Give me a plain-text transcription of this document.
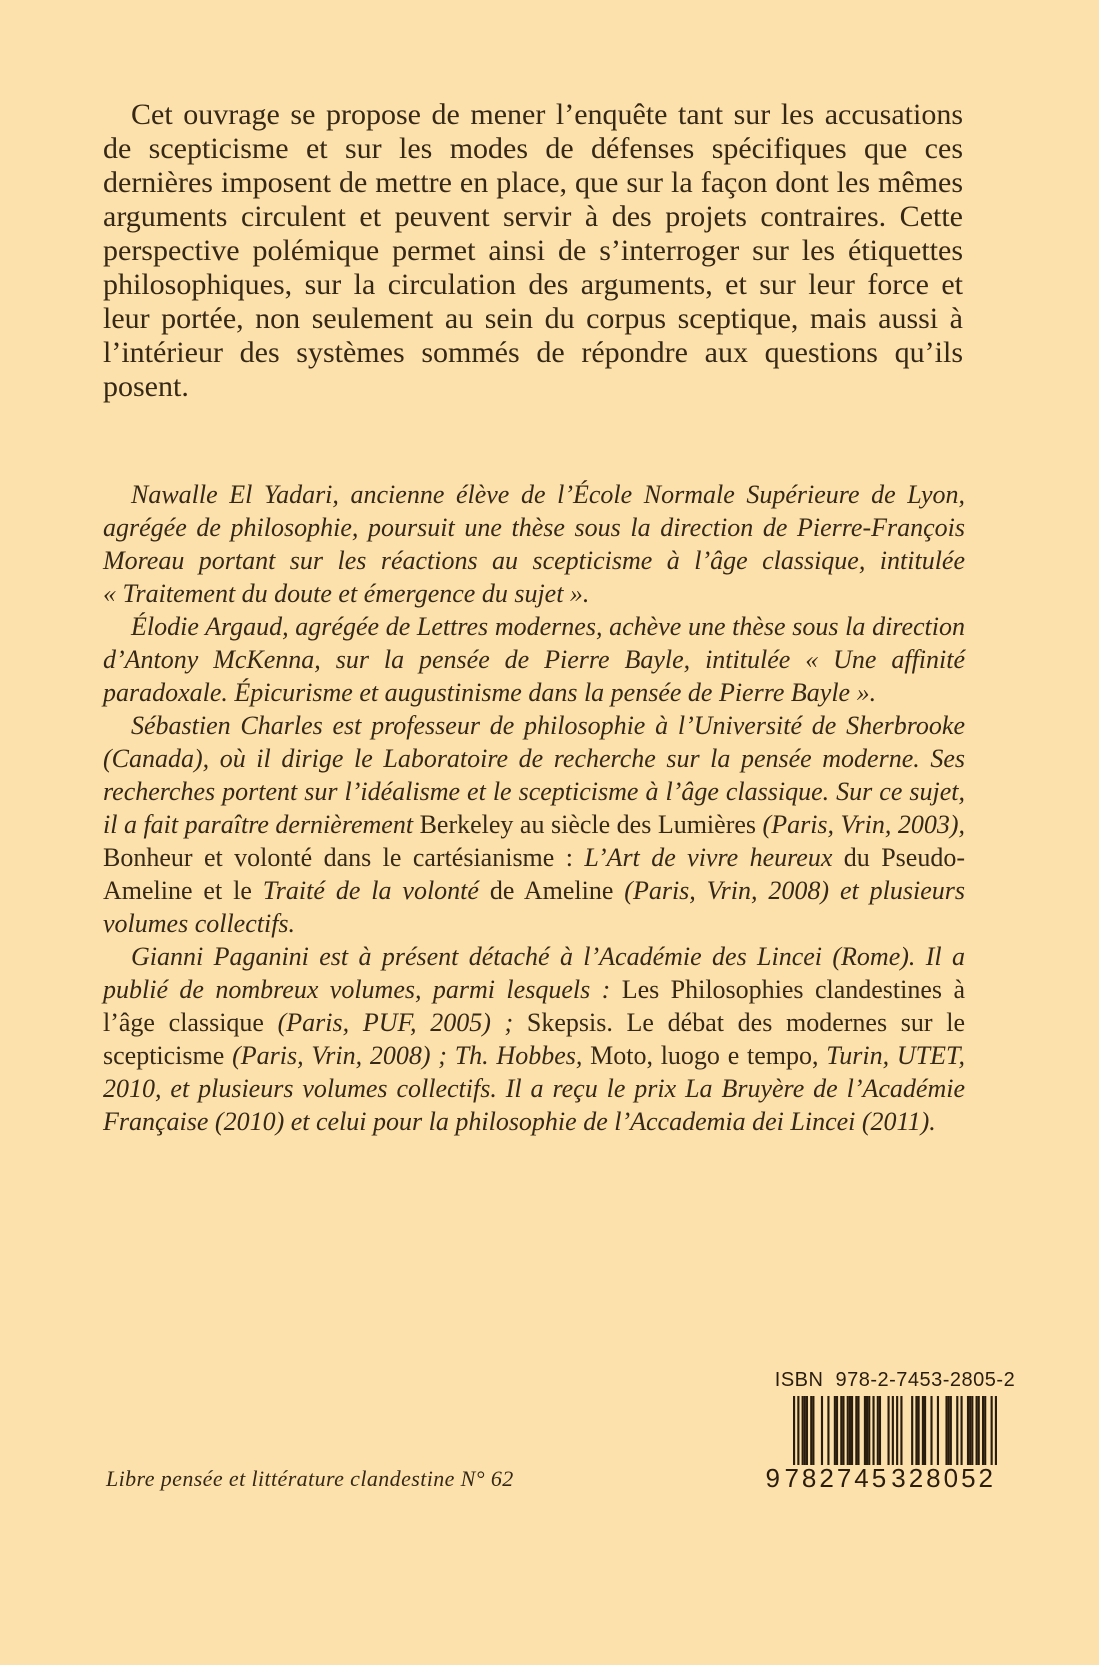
Cet ouvrage se propose de mener l’enquête tant sur les accusations de scepticisme et sur les modes de défenses spécifiques que ces dernières imposent de mettre en place, que sur la façon dont les mêmes arguments circulent et peuvent servir à des projets contraires. Cette perspective polémique permet ainsi de s’interroger sur les étiquettes philosophiques, sur la circulation des arguments, et sur leur force et leur portée, non seulement au sein du corpus sceptique, mais aussi à l’intérieur des systèmes sommés de répondre aux questions qu’ils posent.

Nawalle El Yadari, ancienne élève de l’École Normale Supérieure de Lyon, agrégée de philosophie, poursuit une thèse sous la direction de Pierre-François Moreau portant sur les réactions au scepticisme à l’âge classique, intitulée « Traitement du doute et émergence du sujet ».

Élodie Argaud, agrégée de Lettres modernes, achève une thèse sous la direction d’Antony McKenna, sur la pensée de Pierre Bayle, intitulée « Une affinité paradoxale. Épicurisme et augustinisme dans la pensée de Pierre Bayle ».

Sébastien Charles est professeur de philosophie à l’Université de Sherbrooke (Canada), où il dirige le Laboratoire de recherche sur la pensée moderne. Ses recherches portent sur l’idéalisme et le scepticisme à l’âge classique. Sur ce sujet, il a fait paraître dernièrement Berkeley au siècle des Lumières (Paris, Vrin, 2003), Bonheur et volonté dans le cartésianisme : L’Art de vivre heureux du Pseudo-Ameline et le Traité de la volonté de Ameline (Paris, Vrin, 2008) et plusieurs volumes collectifs.

Gianni Paganini est à présent détaché à l’Académie des Lincei (Rome). Il a publié de nombreux volumes, parmi lesquels : Les Philosophies clandestines à l’âge classique (Paris, PUF, 2005) ; Skepsis. Le débat des modernes sur le scepticisme (Paris, Vrin, 2008) ; Th. Hobbes, Moto, luogo e tempo, Turin, UTET, 2010, et plusieurs volumes collectifs. Il a reçu le prix La Bruyère de l’Académie Française (2010) et celui pour la philosophie de l’Accademia dei Lincei (2011).

Libre pensée et littérature clandestine N° 62
ISBN 978-2-7453-2805-2
9 782745 328052
